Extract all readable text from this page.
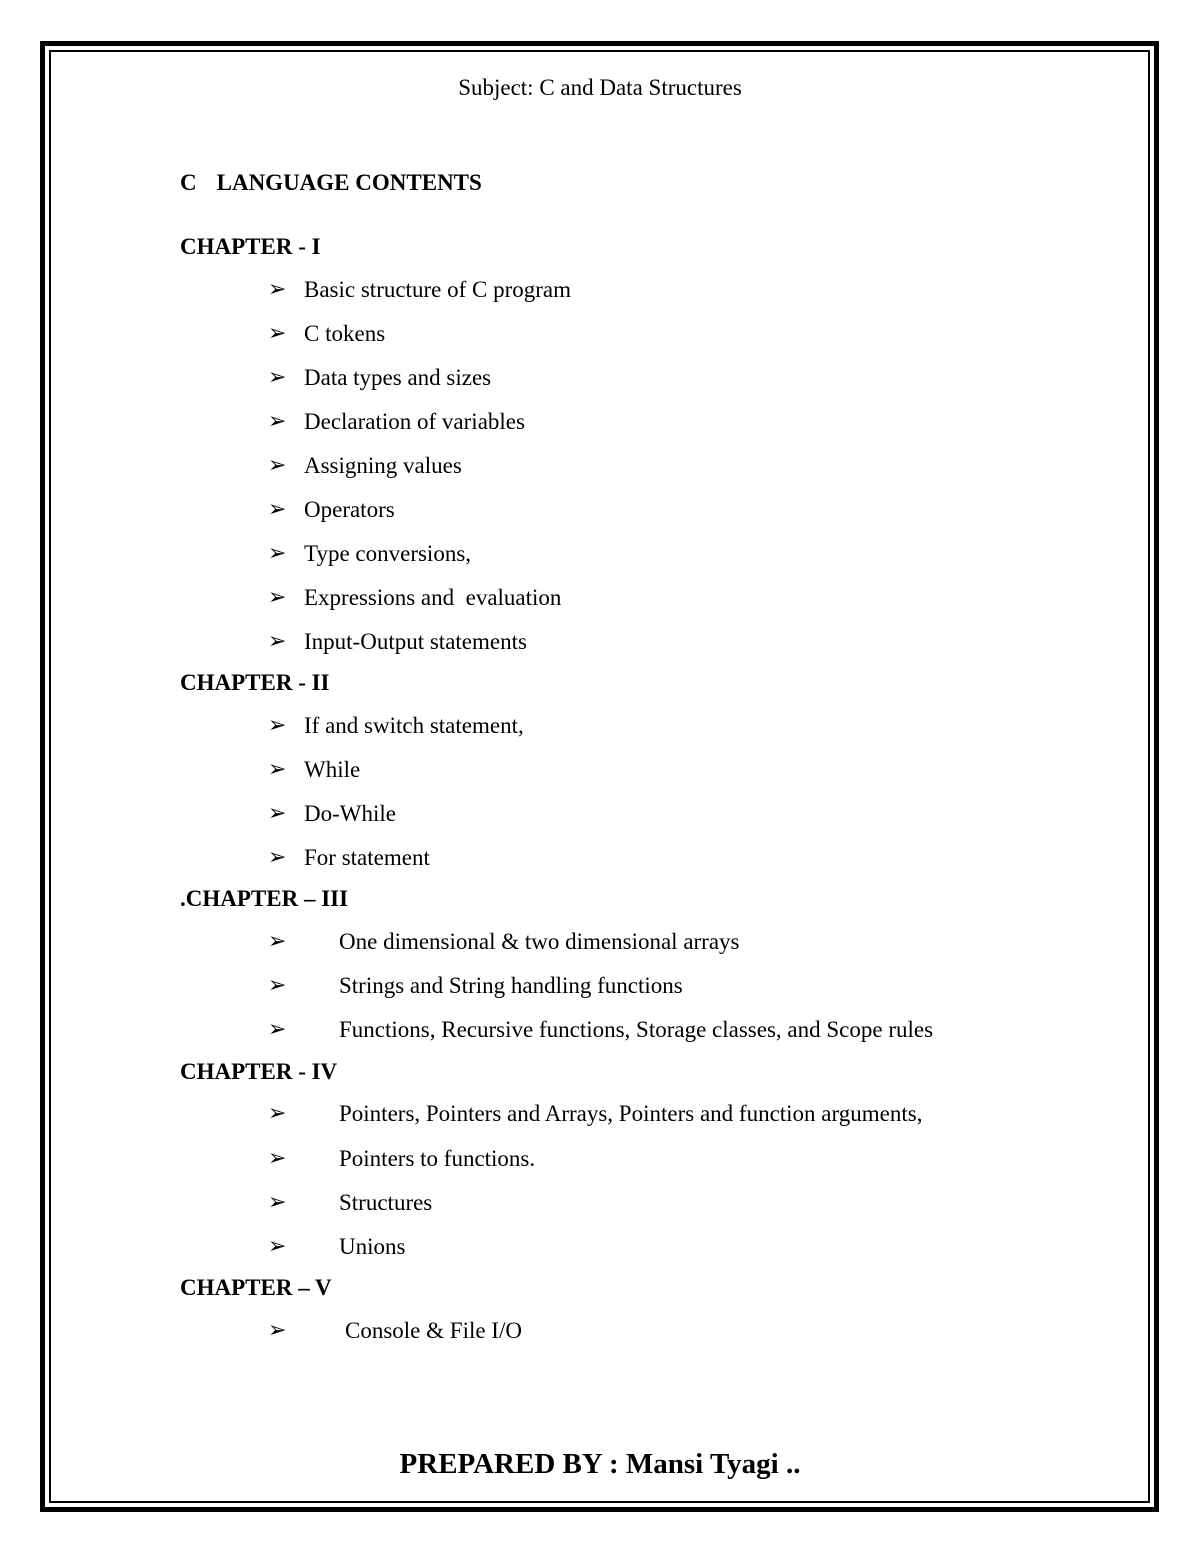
Subject: C and Data Structures
C LANGUAGE CONTENTS
CHAPTER - I
➢ Basic structure of C program
➢ C tokens
➢ Data types and sizes
➢ Declaration of variables
➢ Assigning values
➢ Operators
➢ Type conversions,
➢ Expressions and  evaluation
➢ Input-Output statements
CHAPTER - II
➢ If and switch statement,
➢ While
➢ Do-While
➢ For statement
.CHAPTER – III
➢ One dimensional & two dimensional arrays
➢ Strings and String handling functions
➢ Functions, Recursive functions, Storage classes, and Scope rules
CHAPTER - IV
➢ Pointers, Pointers and Arrays, Pointers and function arguments,
➢ Pointers to functions.
➢ Structures
➢ Unions
CHAPTER – V
➢	Console & File I/O
PREPARED BY : Mansi Tyagi ..
